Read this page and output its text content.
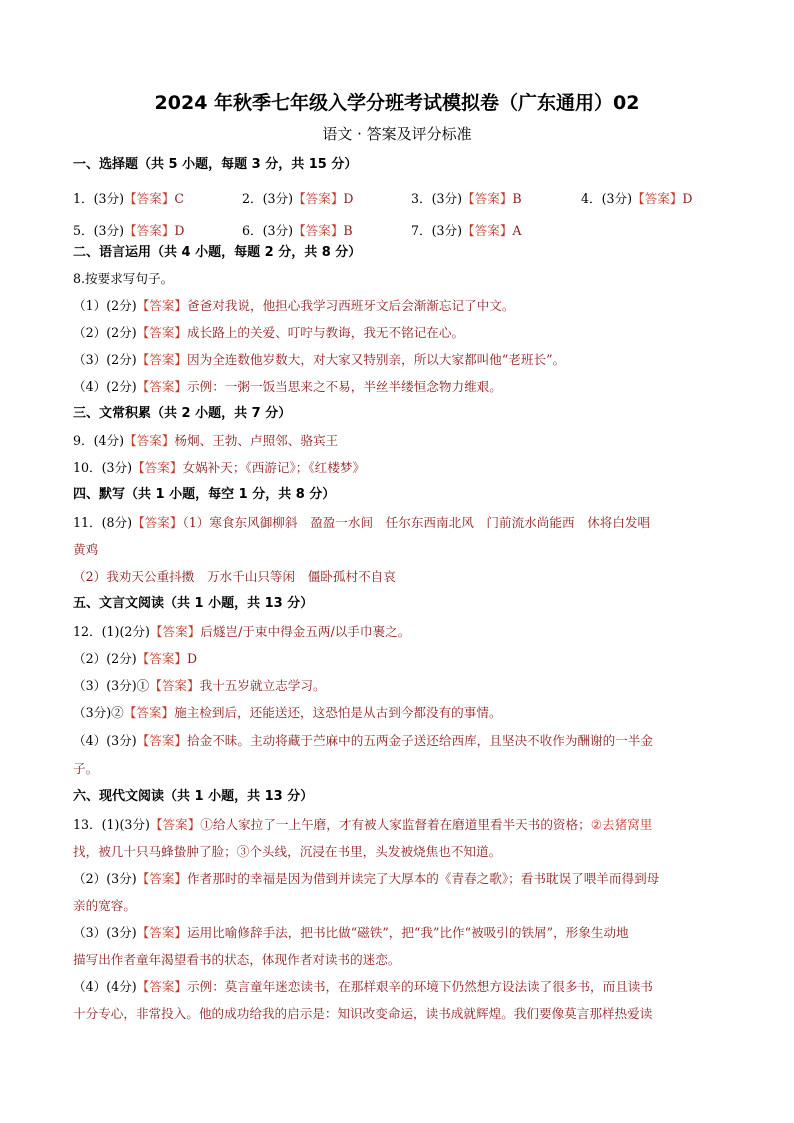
2024 年秋季七年级入学分班考试模拟卷（广东通用）02
语文 · 答案及评分标准
一、选择题（共 5 小题，每题 3 分，共 15 分）
1．(3分)【答案】C	2．(3分)【答案】D	3．(3分)【答案】B	4．(3分)【答案】D
5．(3分)【答案】D	6．(3分)【答案】B	7．(3分)【答案】A
二、语言运用（共 4 小题，每题 2 分，共 8 分）
8.按要求写句子。
（1）(2分)【答案】爸爸对我说，他担心我学习西班牙文后会渐渐忘记了中文。
（2）(2分)【答案】成长路上的关爱、叮咛与教诲，我无不铭记在心。
（3）(2分)【答案】因为全连数他岁数大，对大家又特别亲，所以大家都叫他“老班长”。
（4）(2分)【答案】示例：一粥一饭当思来之不易，半丝半缕恒念物力维艰。
三、文常积累（共 2 小题，共 7 分）
9．(4分)【答案】杨炯、王勃、卢照邻、骆宾王
10．(3分)【答案】女娲补天；《西游记》；《红楼梦》
四、默写（共 1 小题，每空 1 分，共 8 分）
11．(8分)【答案】（1）寒食东风御柳斜　盈盈一水间　任尔东西南北风　门前流水尚能西　休将白发唱
黄鸡
（2）我劝天公重抖擞　万水千山只等闲　僵卧孤村不自哀
五、文言文阅读（共 1 小题，共 13 分）
12．(1)(2分)【答案】后燧岂/于束中得金五两/以手巾裹之。
（2）(2分)【答案】D
（3）(3分)①【答案】我十五岁就立志学习。
（3分)②【答案】施主检到后，还能送还，这恐怕是从古到今都没有的事情。
（4）(3分)【答案】拾金不昧。主动将藏于苎麻中的五两金子送还给西库，且坚决不收作为酬谢的一半金
子。
六、现代文阅读（共 1 小题，共 13 分）
13．(1)(3分)【答案】①给人家拉了一上午磨，才有被人家监督着在磨道里看半天书的资格；②去猪窝里
找，被几十只马蜂蛰肿了脸；③个头线，沉浸在书里，头发被烧焦也不知道。
（2）(3分)【答案】作者那时的幸福是因为借到并读完了大厚本的《青春之歌》；看书耽误了喂羊而得到母
亲的宽容。
（3）(3分)【答案】运用比喻修辞手法，把书比做“磁铁”，把“我”比作“被吸引的铁屑”，形象生动地
描写出作者童年渴望看书的状态，体现作者对读书的迷恋。
（4）(4分)【答案】示例：莫言童年迷恋读书，在那样艰辛的环境下仍然想方设法读了很多书，而且读书
十分专心，非常投入。他的成功给我的启示是：知识改变命运，读书成就辉煌。我们要像莫言那样热爱读
